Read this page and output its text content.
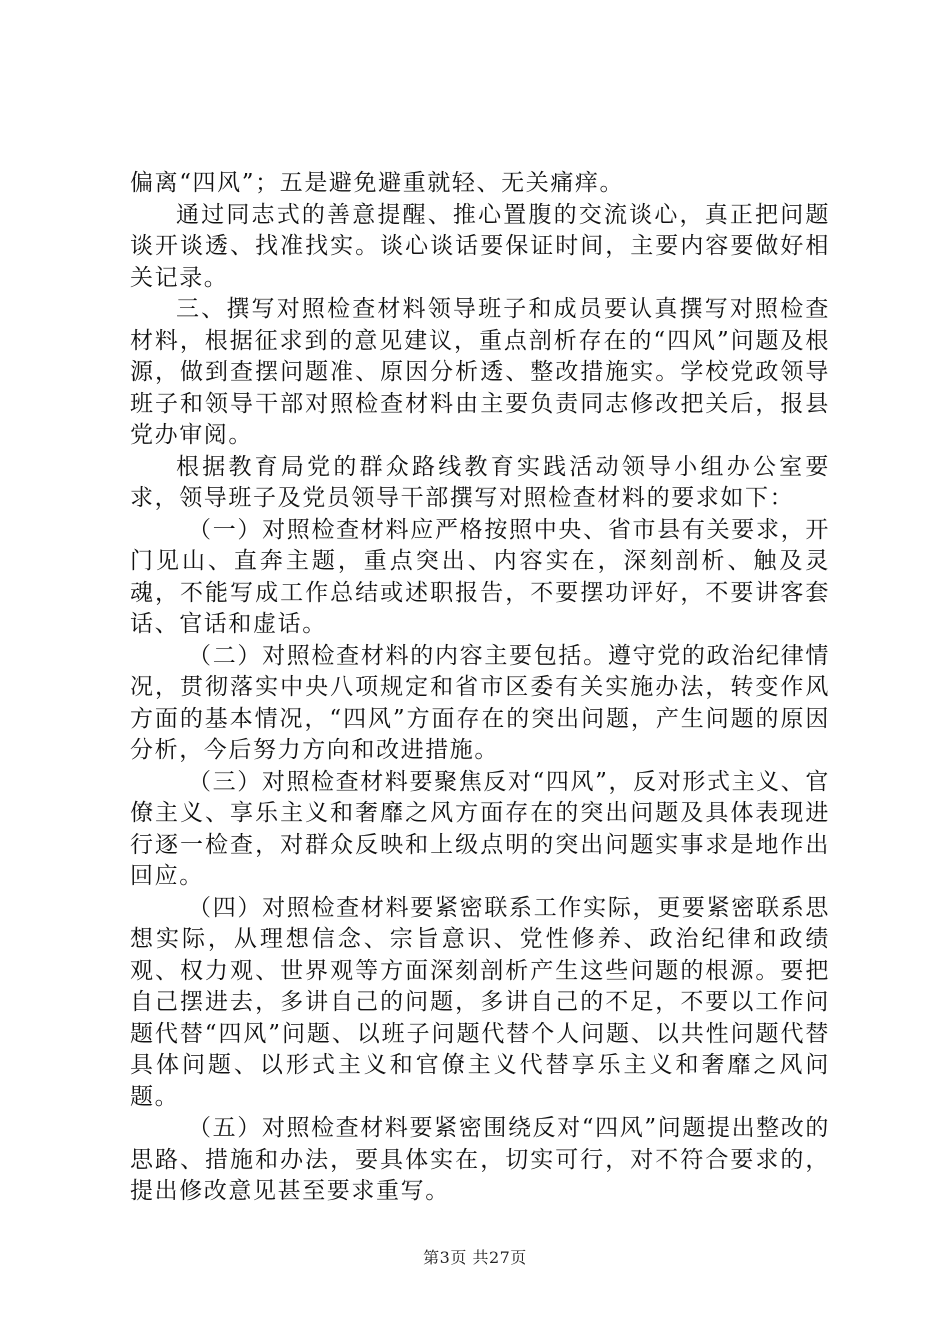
偏离“四风”；五是避免避重就轻、无关痛痒。

通过同志式的善意提醒、推心置腹的交流谈心，真正把问题谈开谈透、找准找实。谈心谈话要保证时间，主要内容要做好相关记录。

三、撰写对照检查材料领导班子和成员要认真撰写对照检查材料，根据征求到的意见建议，重点剖析存在的“四风”问题及根源，做到查摆问题准、原因分析透、整改措施实。学校党政领导班子和领导干部对照检查材料由主要负责同志修改把关后，报县党办审阅。

根据教育局党的群众路线教育实践活动领导小组办公室要求，领导班子及党员领导干部撰写对照检查材料的要求如下：

（一）对照检查材料应严格按照中央、省市县有关要求，开门见山、直奔主题，重点突出、内容实在，深刻剖析、触及灵魂，不能写成工作总结或述职报告，不要摆功评好，不要讲客套话、官话和虚话。

（二）对照检查材料的内容主要包括。遵守党的政治纪律情况，贯彻落实中央八项规定和省市区委有关实施办法，转变作风方面的基本情况，“四风”方面存在的突出问题，产生问题的原因分析，今后努力方向和改进措施。

（三）对照检查材料要聚焦反对“四风”，反对形式主义、官僚主义、享乐主义和奢靡之风方面存在的突出问题及具体表现进行逐一检查，对群众反映和上级点明的突出问题实事求是地作出回应。

（四）对照检查材料要紧密联系工作实际，更要紧密联系思想实际，从理想信念、宗旨意识、党性修养、政治纪律和政绩观、权力观、世界观等方面深刻剖析产生这些问题的根源。要把自己摆进去，多讲自己的问题，多讲自己的不足，不要以工作问题代替“四风”问题、以班子问题代替个人问题、以共性问题代替具体问题、以形式主义和官僚主义代替享乐主义和奢靡之风问题。

（五）对照检查材料要紧密围绕反对“四风”问题提出整改的思路、措施和办法，要具体实在，切实可行，对不符合要求的，提出修改意见甚至要求重写。

第3页 共27页
